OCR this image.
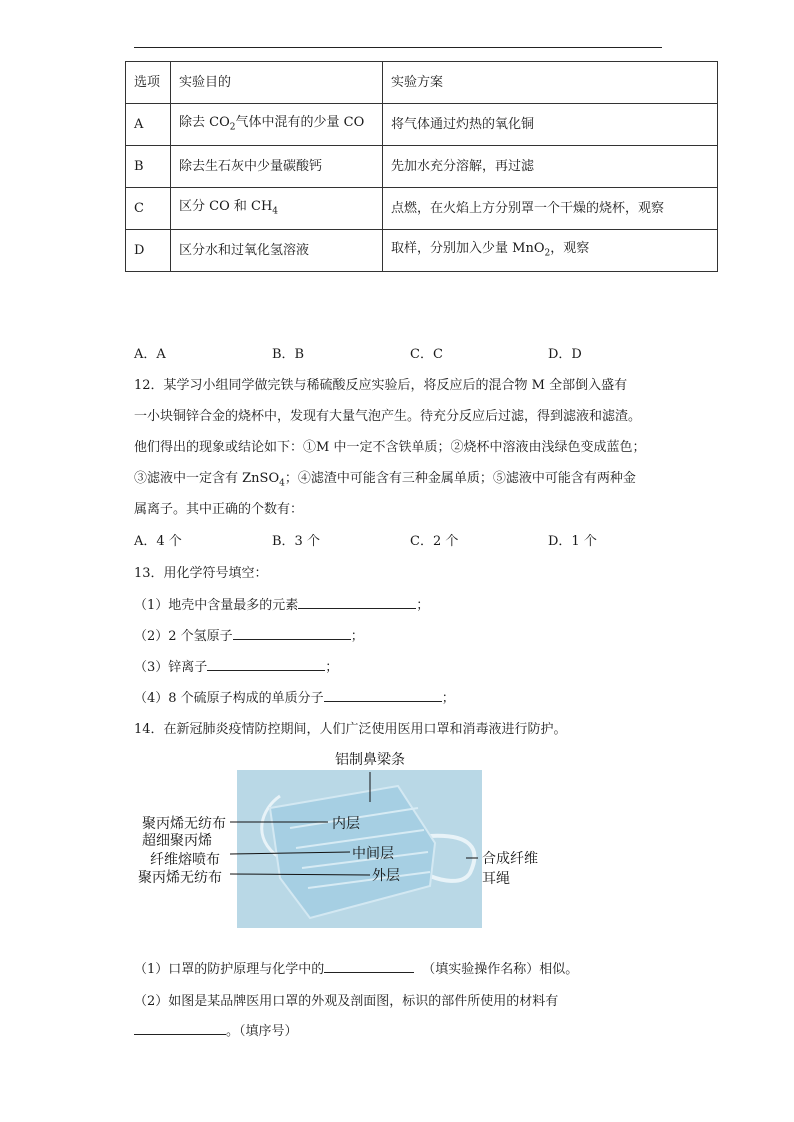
选项	实验目的	实验方案
A	除去 $CO_2$气体中混有的少量 CO	将气体通过灼热的氧化铜
B	除去生石灰中少量碳酸钙	先加水充分溶解，再过滤
C	区分 CO 和 $CH_4$	点燃，在火焰上方分别罩一个干燥的烧杯，观察
D	区分水和过氧化氢溶液	取样，分别加入少量 MnO$_2$，观察
A．A	B．B	C．C	D．D
12．某学习小组同学做完铁与稀硫酸反应实验后，将反应后的混合物 M 全部倒入盛有
一小块铜锌合金的烧杯中，发现有大量气泡产生。待充分反应后过滤，得到滤液和滤渣。
他们得出的现象或结论如下：①M 中一定不含铁单质；②烧杯中溶液由浅绿色变成蓝色；
③滤液中一定含有 ZnSO$_4$；④滤渣中可能含有三种金属单质；⑤滤液中可能含有两种金
属离子。其中正确的个数有：
A．4 个	B．3 个	C．2 个	D．1 个
13．用化学符号填空：
（1）地壳中含量最多的元素	；
（2）2 个氢原子	；
（3）锌离子	；
（4）8 个硫原子构成的单质分子	；
14．在新冠肺炎疫情防控期间，人们广泛使用医用口罩和消毒液进行防护。
铝制鼻梁条
聚丙烯无纺布
超细聚丙烯
纤维熔喷布
聚丙烯无纺布
内层
中间层
外层
合成纤维
耳绳
（1）口罩的防护原理与化学中的	（填实验操作名称）相似。
（2）如图是某品牌医用口罩的外观及剖面图，标识的部件所使用的材料有
。（填序号）
